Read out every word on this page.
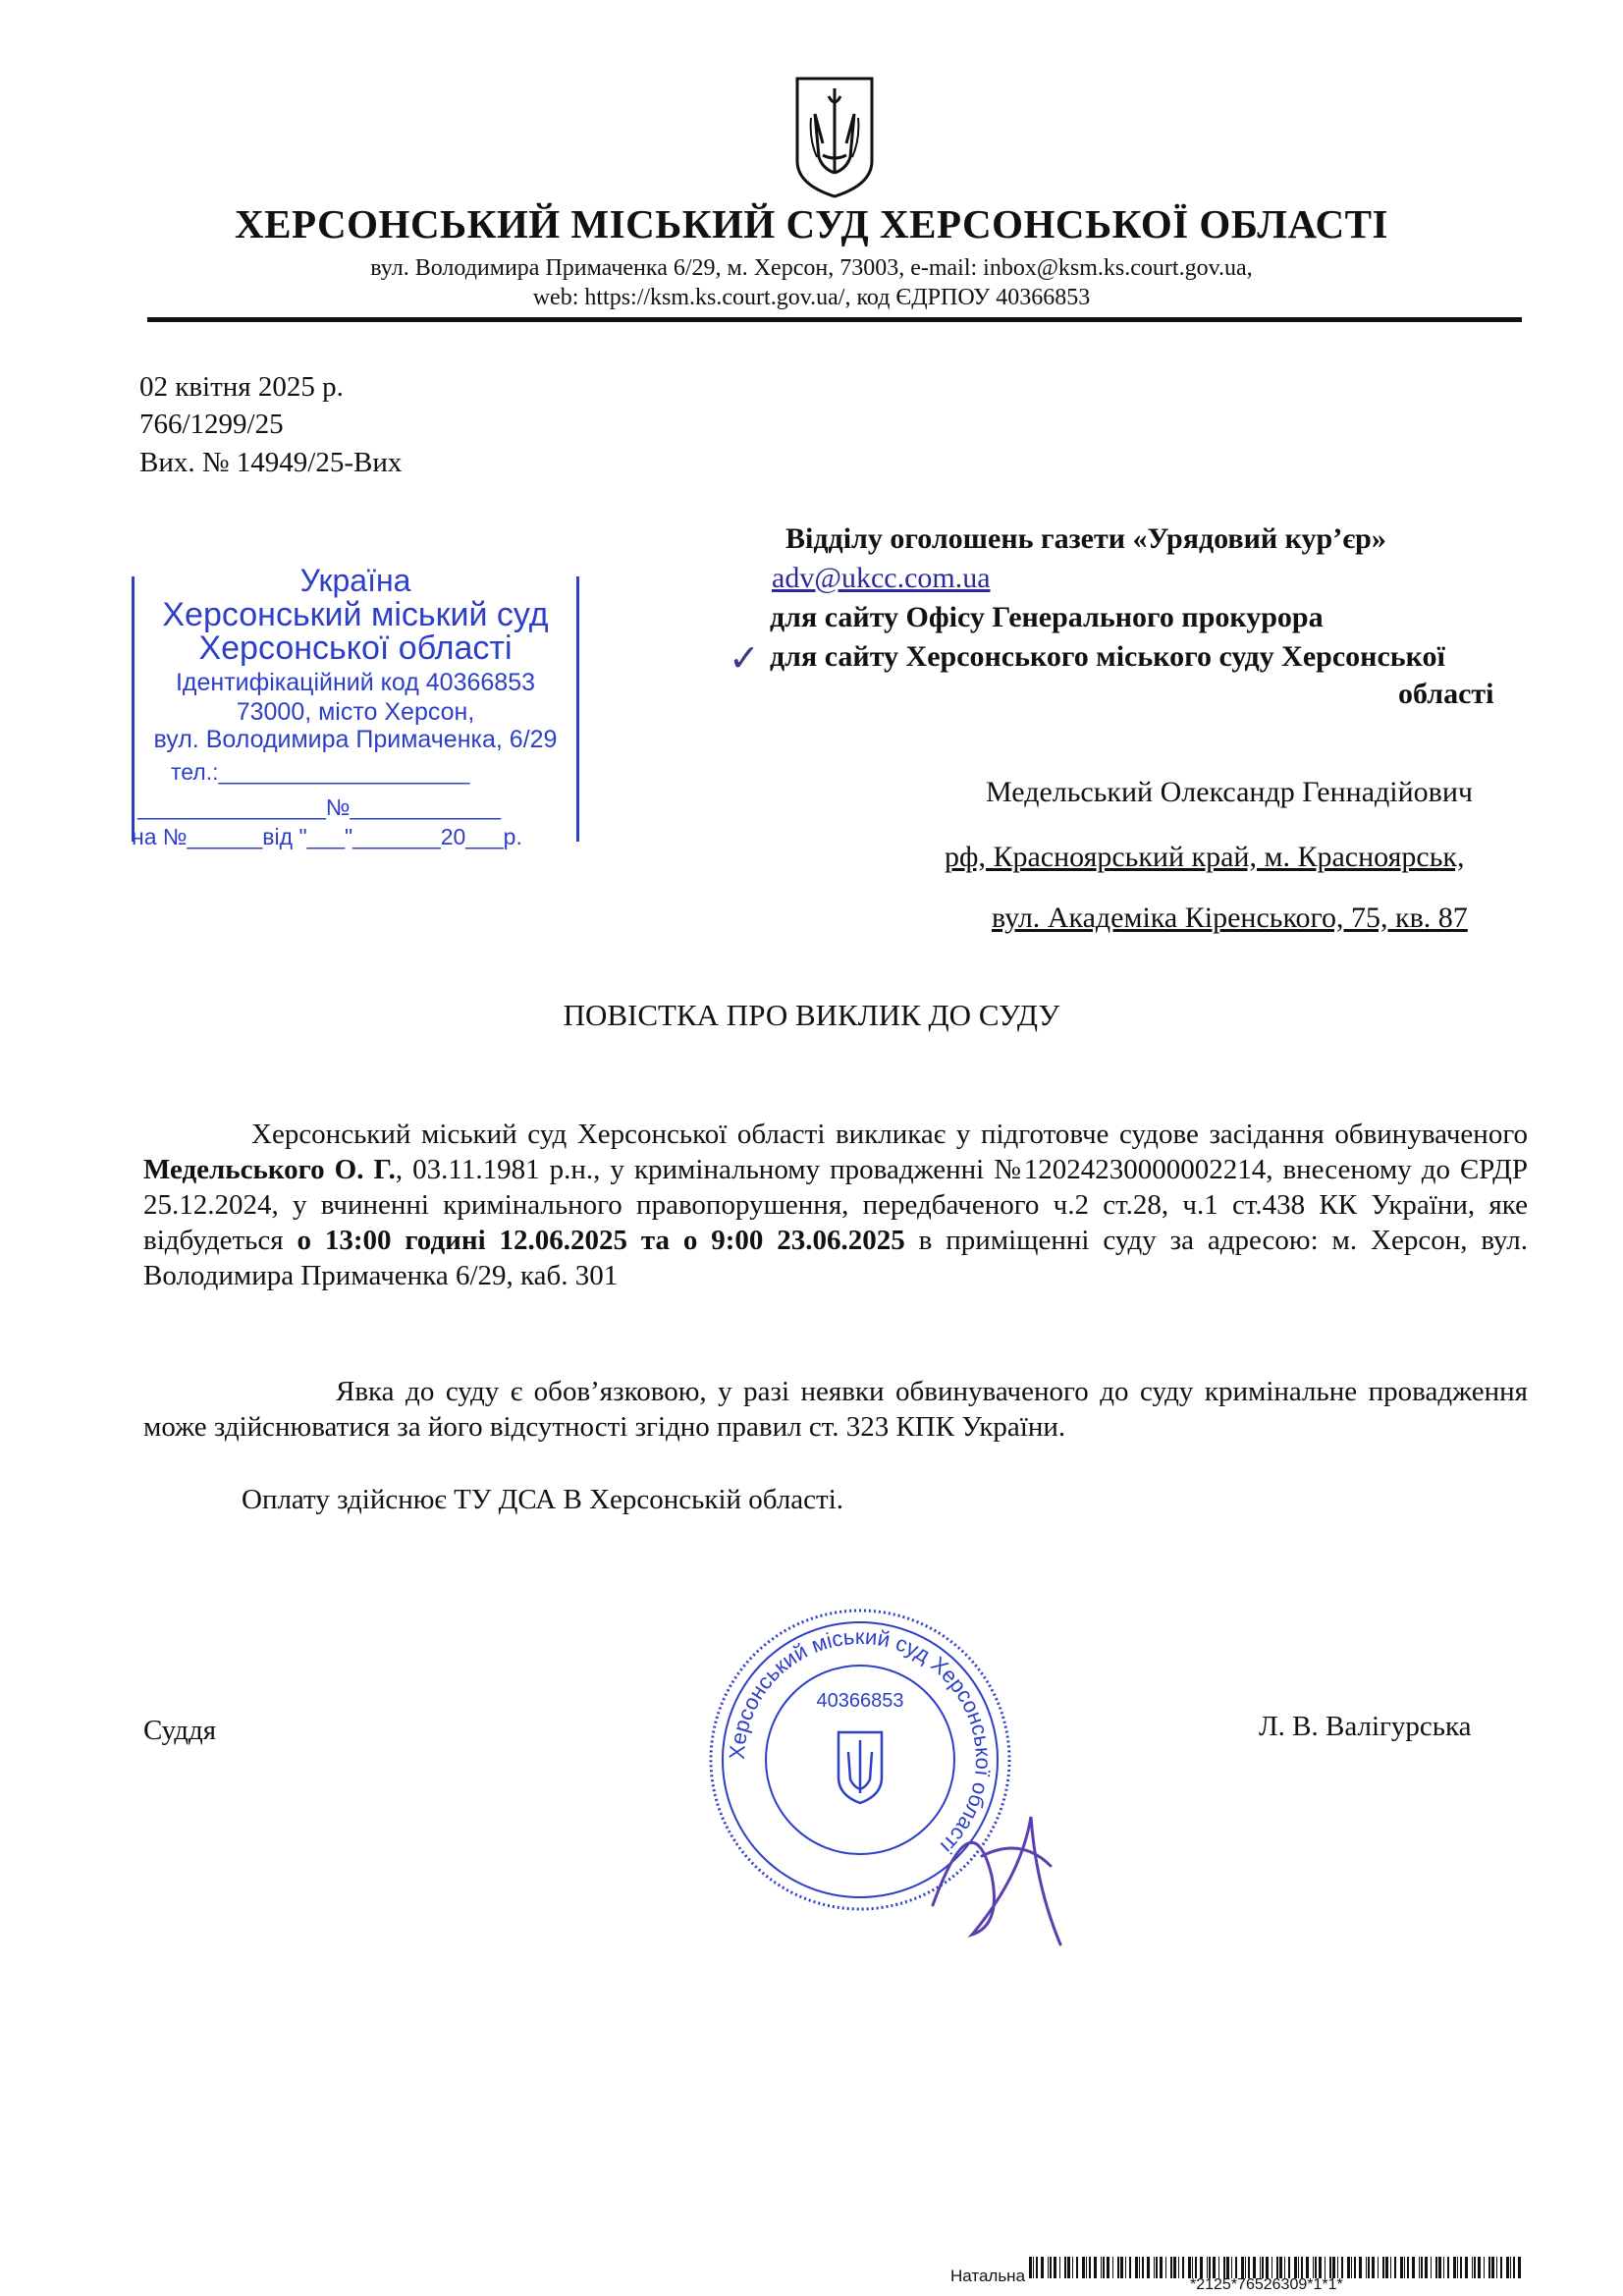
ХЕРСОНСЬКИЙ МІСЬКИЙ СУД ХЕРСОНСЬКОЇ ОБЛАСТІ
вул. Володимира Примаченка 6/29, м. Херсон, 73003, e-mail: inbox@ksm.ks.court.gov.ua,
web: https://ksm.ks.court.gov.ua/, код ЄДРПОУ 40366853
02 квітня 2025 р.
766/1299/25
Вих. № 14949/25-Вих
Україна
Херсонський міський суд
Херсонської області
Ідентифікаційний код 40366853
73000, місто Херсон,
вул. Володимира Примаченка, 6/29
тел.:____________________
_______________№____________
на №______від "___"_______20___р.
Відділу оголошень газети «Урядовий кур’єр»
adv@ukcc.com.ua
для сайту Офісу Генерального прокурора
✓ для сайту Херсонського міського суду Херсонської
області
Медельський Олександр Геннадійович
рф, Красноярський край, м. Красноярськ,
вул. Академіка Кіренського, 75, кв. 87
ПОВІСТКА ПРО ВИКЛИК ДО СУДУ
Херсонський міський суд Херсонської області викликає у підготовче судове засідання обвинуваченого Медельського О. Г., 03.11.1981 р.н., у кримінальному провадженні №12024230000002214, внесеному до ЄРДР 25.12.2024, у вчиненні кримінального правопорушення, передбаченого ч.2 ст.28, ч.1 ст.438 КК України, яке відбудеться о 13:00 годині 12.06.2025 та о 9:00 23.06.2025 в приміщенні суду за адресою: м. Херсон, вул. Володимира Примаченка 6/29, каб. 301
Явка до суду є обов’язковою, у разі неявки обвинуваченого до суду кримінальне провадження може здійснюватися за його відсутності згідно правил ст. 323 КПК України.
Оплату здійснює ТУ ДСА В Херсонській області.
Суддя	Л. В. Валігурська
Херсонський міський суд Херсонської області
40366853
Натальна	*2125*76526309*1*1*
